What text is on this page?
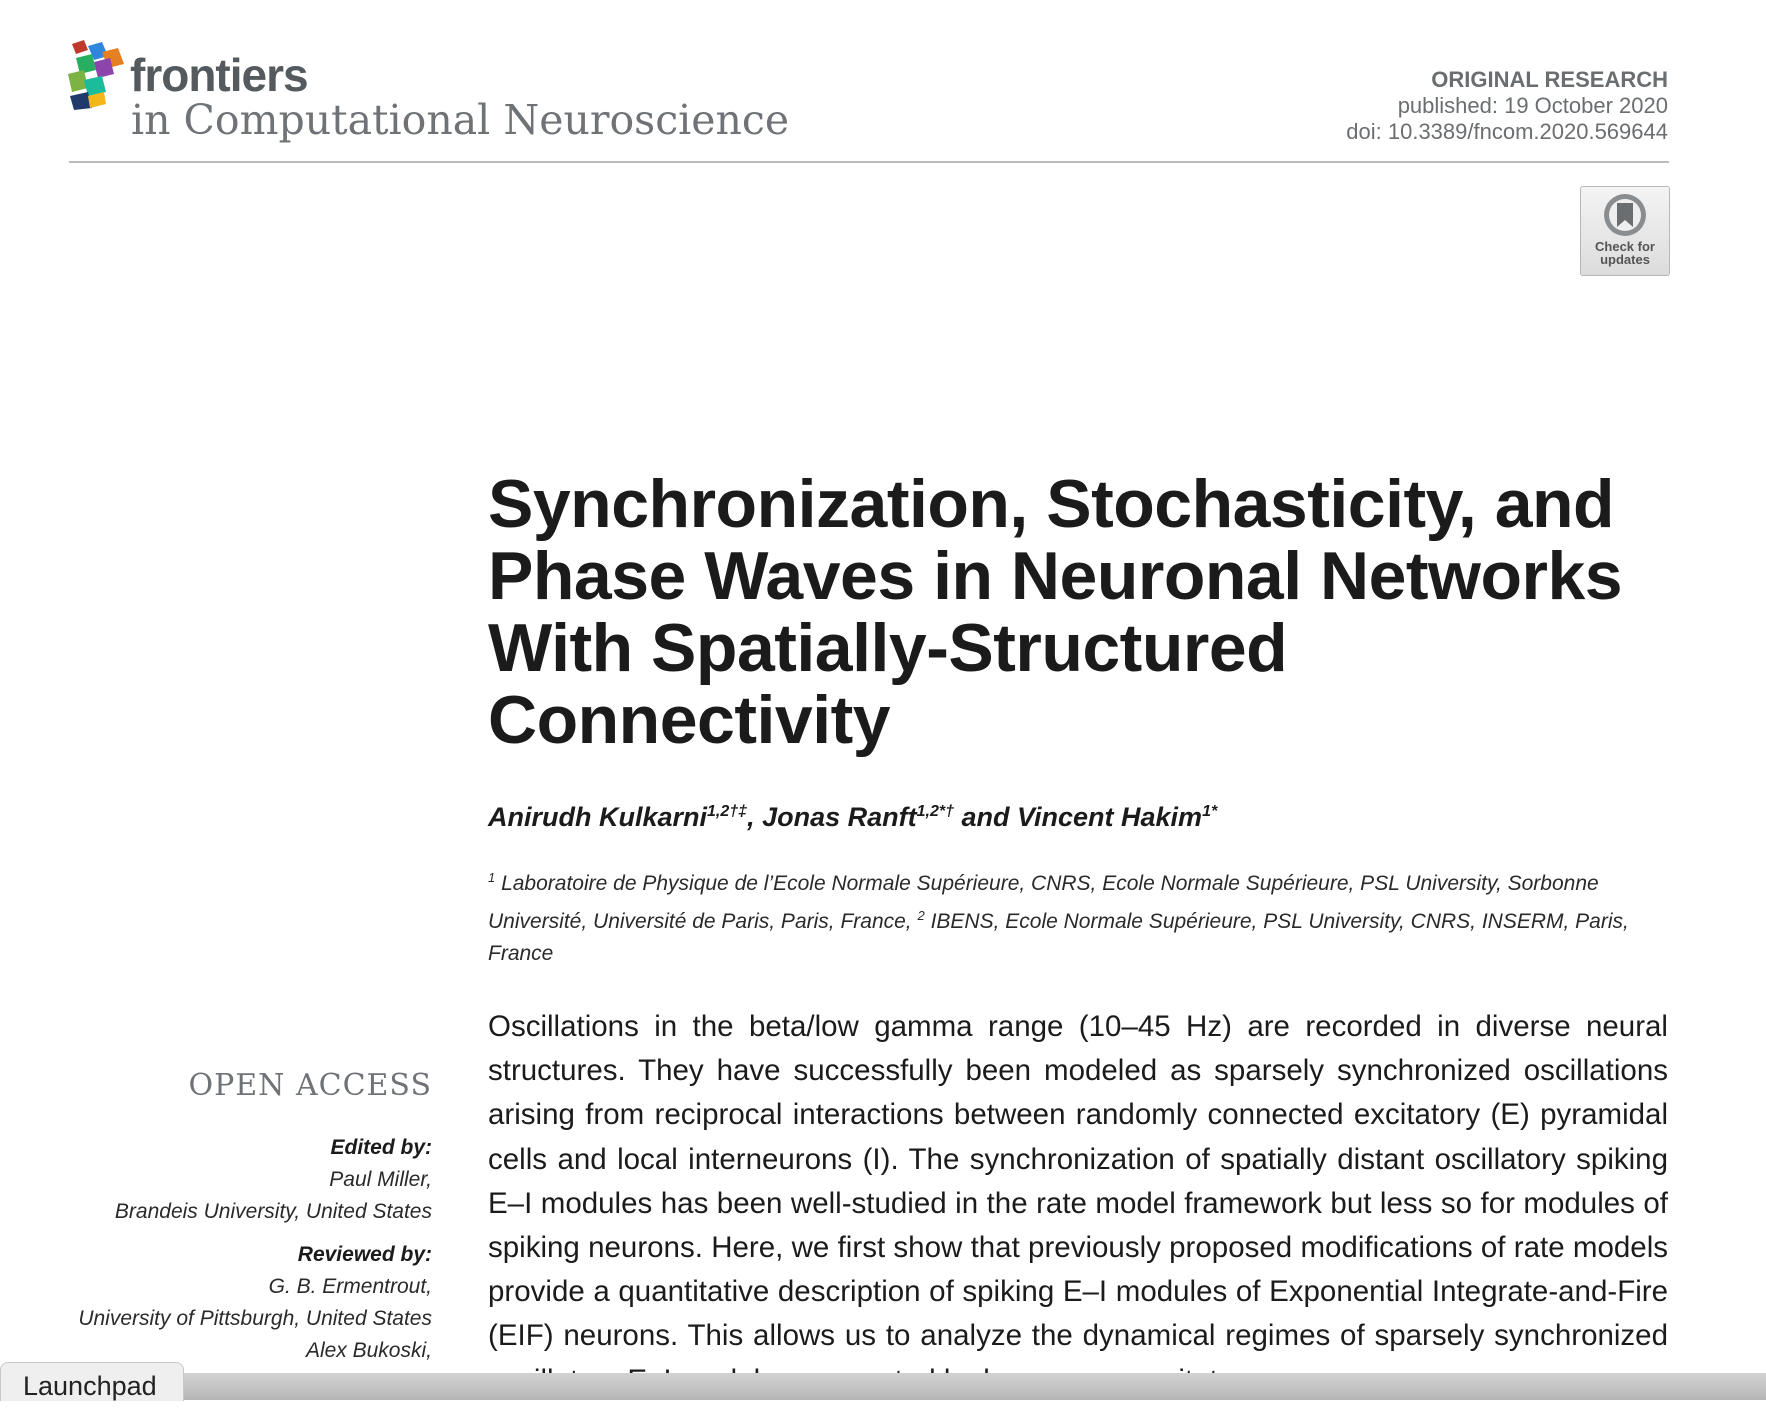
frontiers
in Computational Neuroscience
ORIGINAL RESEARCH
published: 19 October 2020
doi: 10.3389/fncom.2020.569644
Check for
updates
Synchronization, Stochasticity, and Phase Waves in Neuronal Networks With Spatially-Structured Connectivity
Anirudh Kulkarni$^{1,2\dagger\ddagger}$, Jonas Ranft$^{1,2*\dagger}$ and Vincent Hakim$^{1*}$
$^1$ Laboratoire de Physique de l’Ecole Normale Supérieure, CNRS, Ecole Normale Supérieure, PSL University, Sorbonne Université, Université de Paris, Paris, France, $^2$ IBENS, Ecole Normale Supérieure, PSL University, CNRS, INSERM, Paris, France
OPEN ACCESS
Edited by:
Paul Miller,
Brandeis University, United States
Reviewed by:
G. B. Ermentrout,
University of Pittsburgh, United States
Alex Bukoski,

Oscillations in the beta/low gamma range (10–45 Hz) are recorded in diverse neural structures. They have successfully been modeled as sparsely synchronized oscillations arising from reciprocal interactions between randomly connected excitatory (E) pyramidal cells and local interneurons (I). The synchronization of spatially distant oscillatory spiking E–I modules has been well-studied in the rate model framework but less so for modules of spiking neurons. Here, we first show that previously proposed modifications of rate models provide a quantitative description of spiking E–I modules of Exponential Integrate-and-Fire (EIF) neurons. This allows us to analyze the dynamical regimes of sparsely synchronized

Launchpad
